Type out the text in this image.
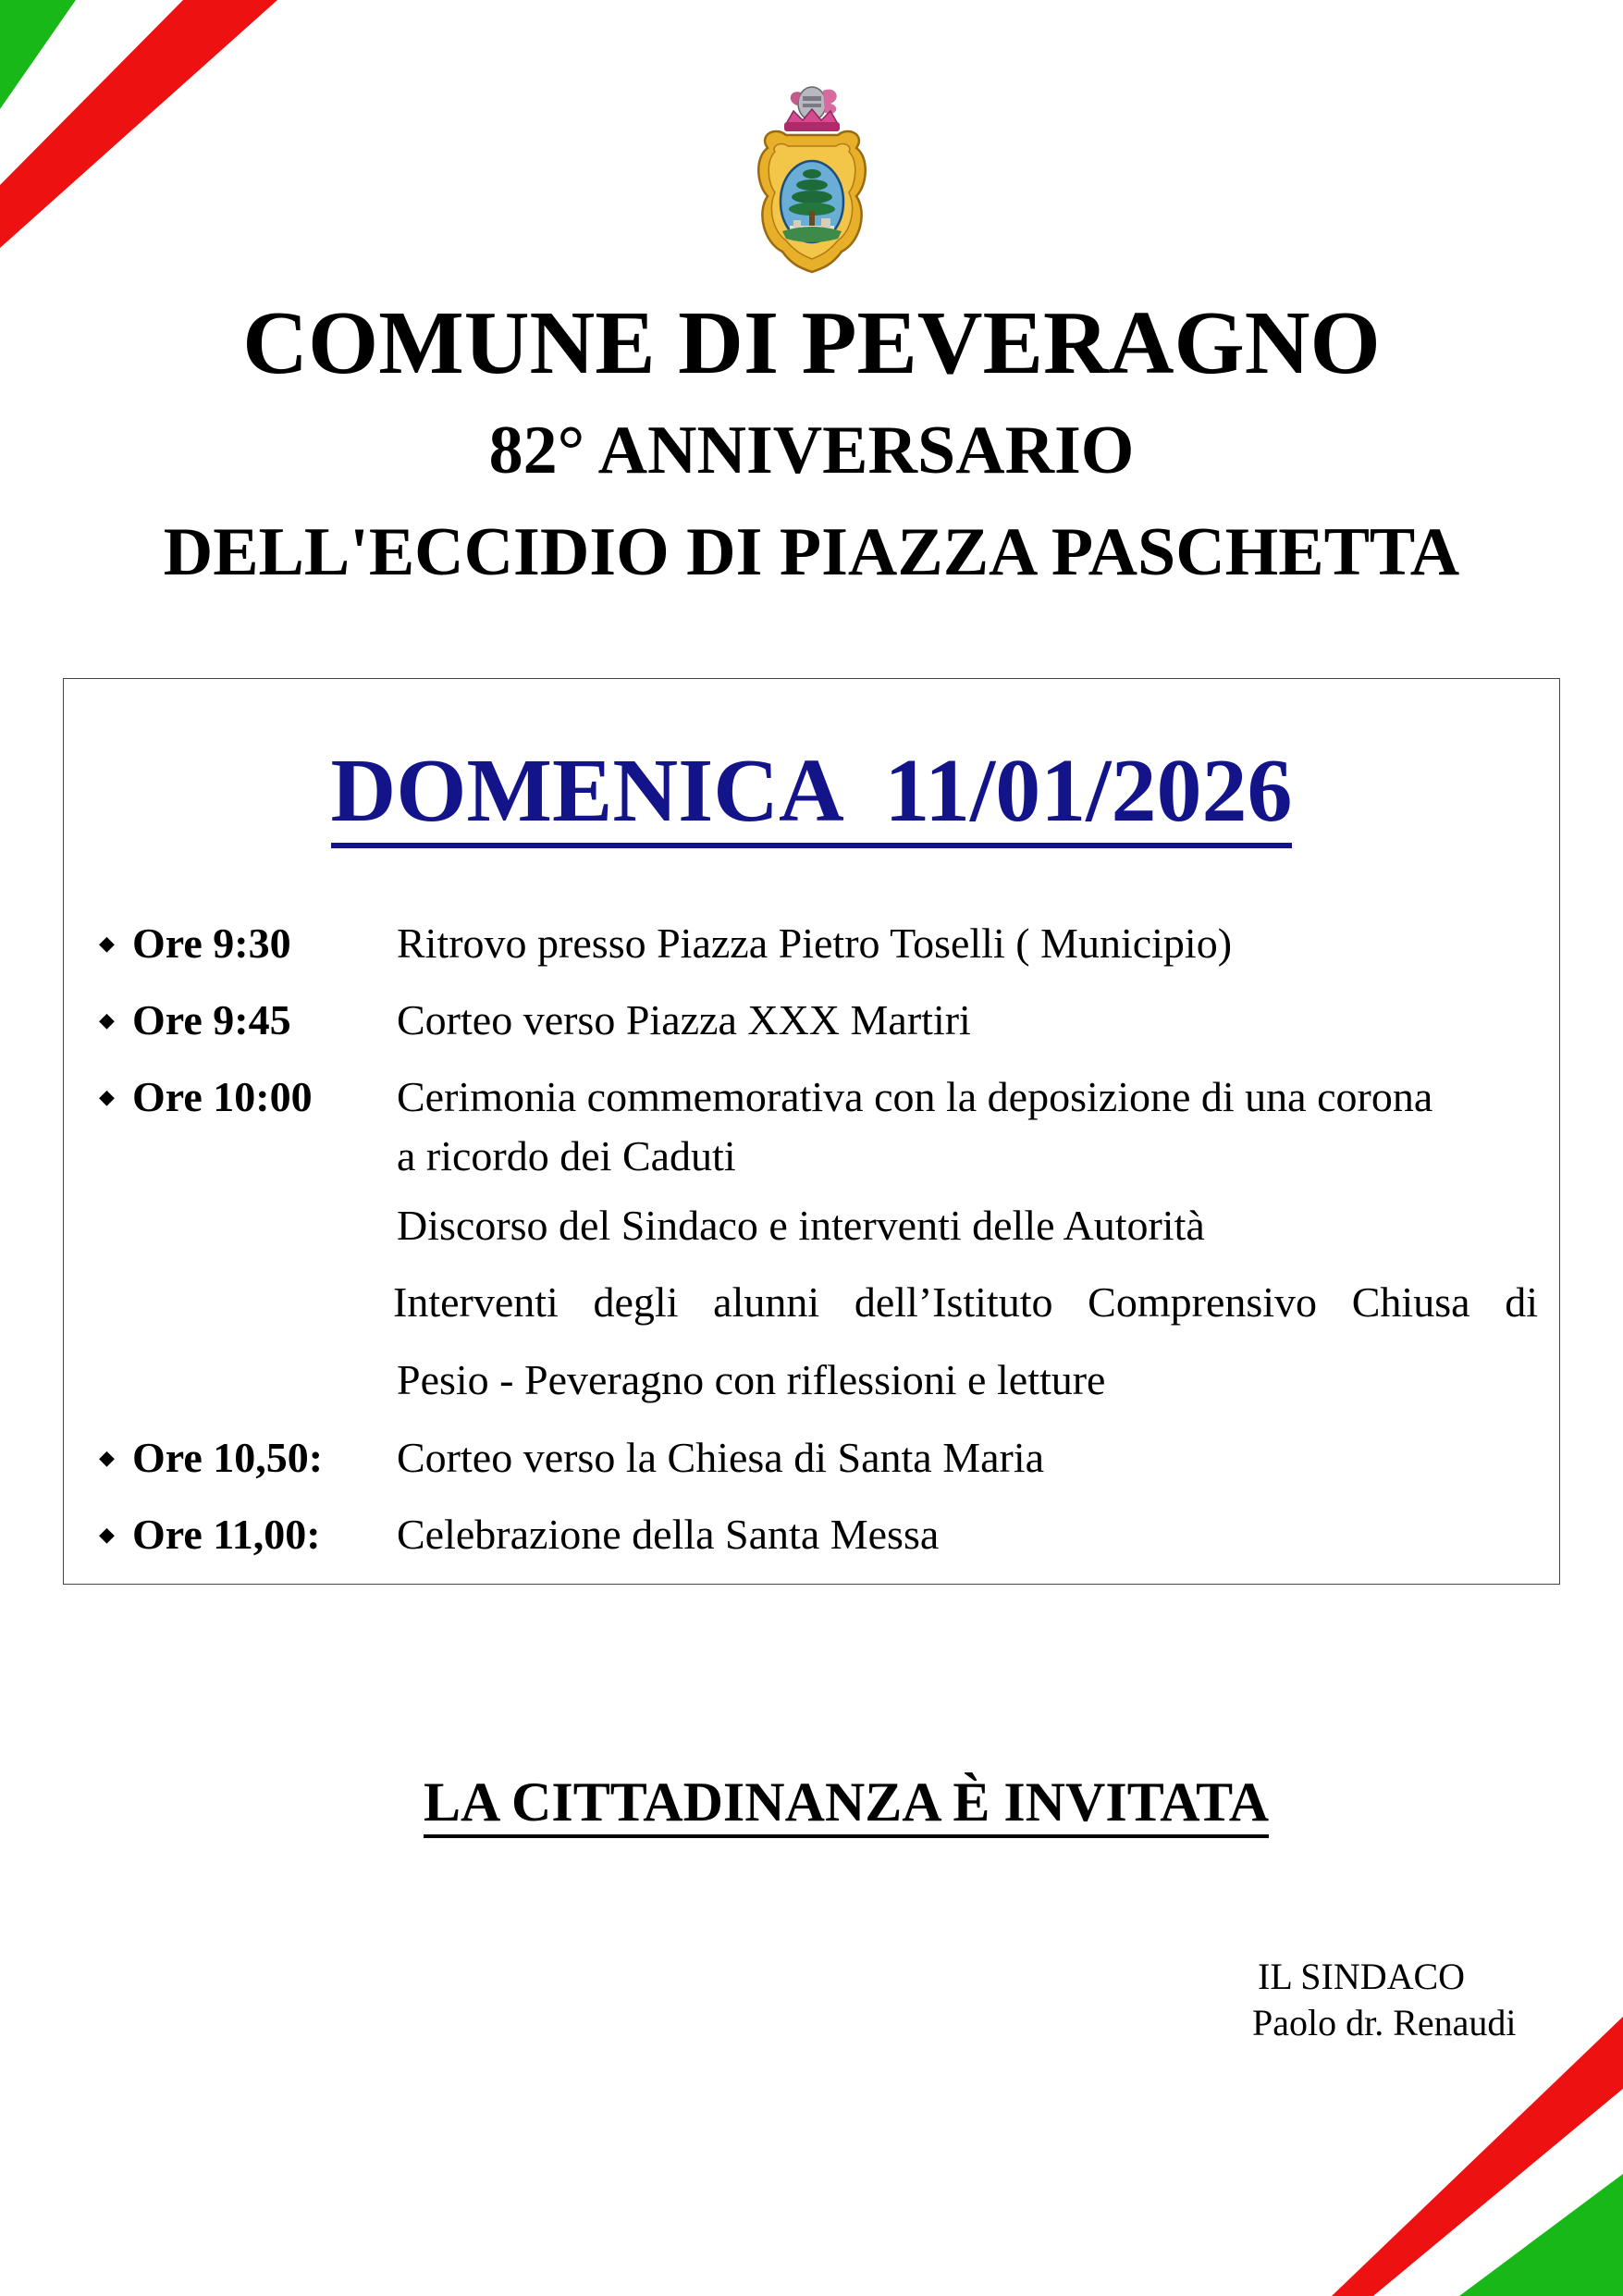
COMUNE DI PEVERAGNO
82° ANNIVERSARIO
DELL'ECCIDIO DI PIAZZA PASCHETTA
DOMENICA  11/01/2026
◆ Ore 9:30 Ritrovo presso Piazza Pietro Toselli ( Municipio)
◆ Ore 9:45 Corteo verso Piazza XXX Martiri
◆ Ore 10:00 Cerimonia commemorativa con la deposizione di una corona
a ricordo dei Caduti
Discorso del Sindaco e interventi delle Autorità
Interventi degli alunni dell’Istituto Comprensivo Chiusa di
Pesio - Peveragno con riflessioni e letture
◆ Ore 10,50: Corteo verso la Chiesa di Santa Maria
◆ Ore 11,00: Celebrazione della Santa Messa

LA CITTADINANZA È INVITATA

IL SINDACO
Paolo dr. Renaudi
